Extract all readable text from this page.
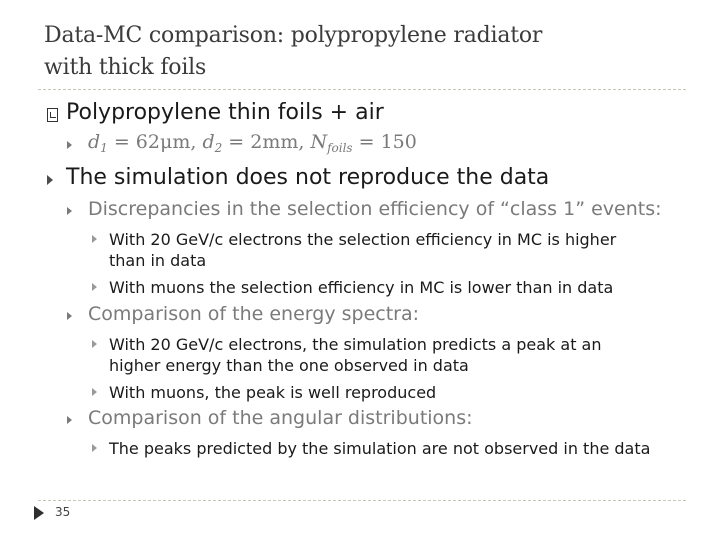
Data-MC comparison: polypropylene radiator
with thick foils
Polypropylene thin foils + air
$d_1 = 62\mu m$, $d_2 = 2mm$, $N_{foils} = 150$
The simulation does not reproduce the data
Discrepancies in the selection efficiency of “class 1” events:
With 20 GeV/c electrons the selection efficiency in MC is higher
than in data
With muons the selection efficiency in MC is lower than in data
Comparison of the energy spectra:
With 20 GeV/c electrons, the simulation predicts a peak at an
higher energy than the one observed in data
With muons, the peak is well reproduced
Comparison of the angular distributions:
The peaks predicted by the simulation are not observed in the data
35
